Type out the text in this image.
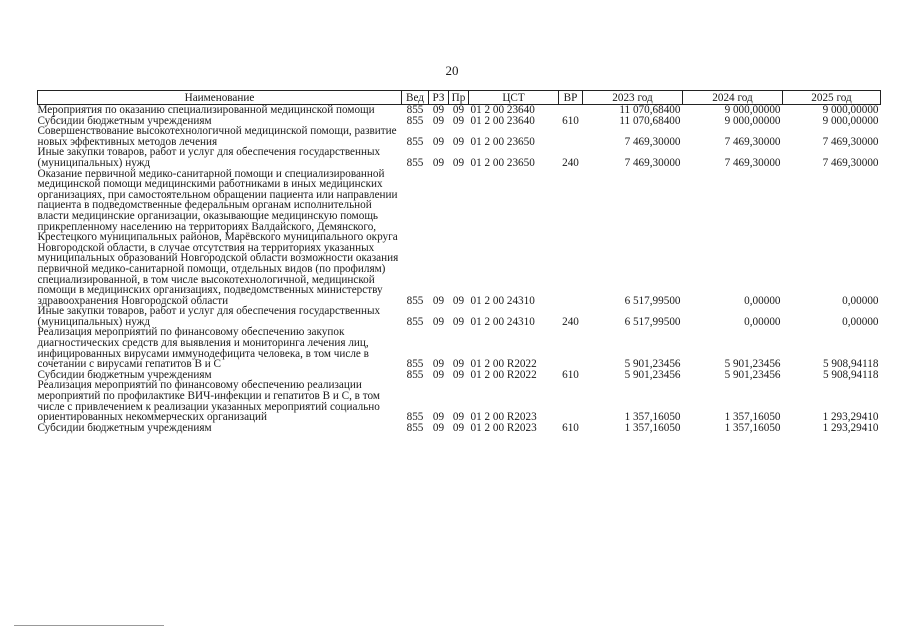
20
Наименование	Вед	РЗ	Пр	ЦСТ	ВР	2023 год	2024 год	2025 год
Мероприятия по оказанию специализированной медицинской помощи	855	09	09	01 2 00 23640		11 070,68400	9 000,00000	9 000,00000
Субсидии бюджетным учреждениям	855	09	09	01 2 00 23640	610	11 070,68400	9 000,00000	9 000,00000
Совершенствование высокотехнологичной медицинской помощи, развитие новых эффективных методов лечения	855	09	09	01 2 00 23650		7 469,30000	7 469,30000	7 469,30000
Иные закупки товаров, работ и услуг для обеспечения государственных (муниципальных) нужд	855	09	09	01 2 00 23650	240	7 469,30000	7 469,30000	7 469,30000
Оказание первичной медико-санитарной помощи и специализированной медицинской помощи медицинскими работниками в иных медицинских организациях, при самостоятельном обращении пациента или направлении пациента в подведомственные федеральным органам исполнительной власти медицинские организации, оказывающие медицинскую помощь прикрепленному населению на территориях Валдайского, Демянского, Крестецкого муниципальных районов, Марёвского муниципального округа Новгородской области, в случае отсутствия на территориях указанных муниципальных образований Новгородской области возможности оказания первичной медико-санитарной помощи, отдельных видов (по профилям) специализированной, в том числе высокотехнологичной, медицинской помощи в медицинских организациях, подведомственных министерству здравоохранения Новгородской области	855	09	09	01 2 00 24310		6 517,99500	0,00000	0,00000
Иные закупки товаров, работ и услуг для обеспечения государственных (муниципальных) нужд	855	09	09	01 2 00 24310	240	6 517,99500	0,00000	0,00000
Реализация мероприятий по финансовому обеспечению закупок диагностических средств для выявления и мониторинга лечения лиц, инфицированных вирусами иммунодефицита человека, в том числе в сочетании с вирусами гепатитов В и С	855	09	09	01 2 00 R2022		5 901,23456	5 901,23456	5 908,94118
Субсидии бюджетным учреждениям	855	09	09	01 2 00 R2022	610	5 901,23456	5 901,23456	5 908,94118
Реализация мероприятий по финансовому обеспечению реализации мероприятий по профилактике ВИЧ-инфекции и гепатитов В и С, в том числе с привлечением к реализации указанных мероприятий социально ориентированных некоммерческих организаций	855	09	09	01 2 00 R2023		1 357,16050	1 357,16050	1 293,29410
Субсидии бюджетным учреждениям	855	09	09	01 2 00 R2023	610	1 357,16050	1 357,16050	1 293,29410
